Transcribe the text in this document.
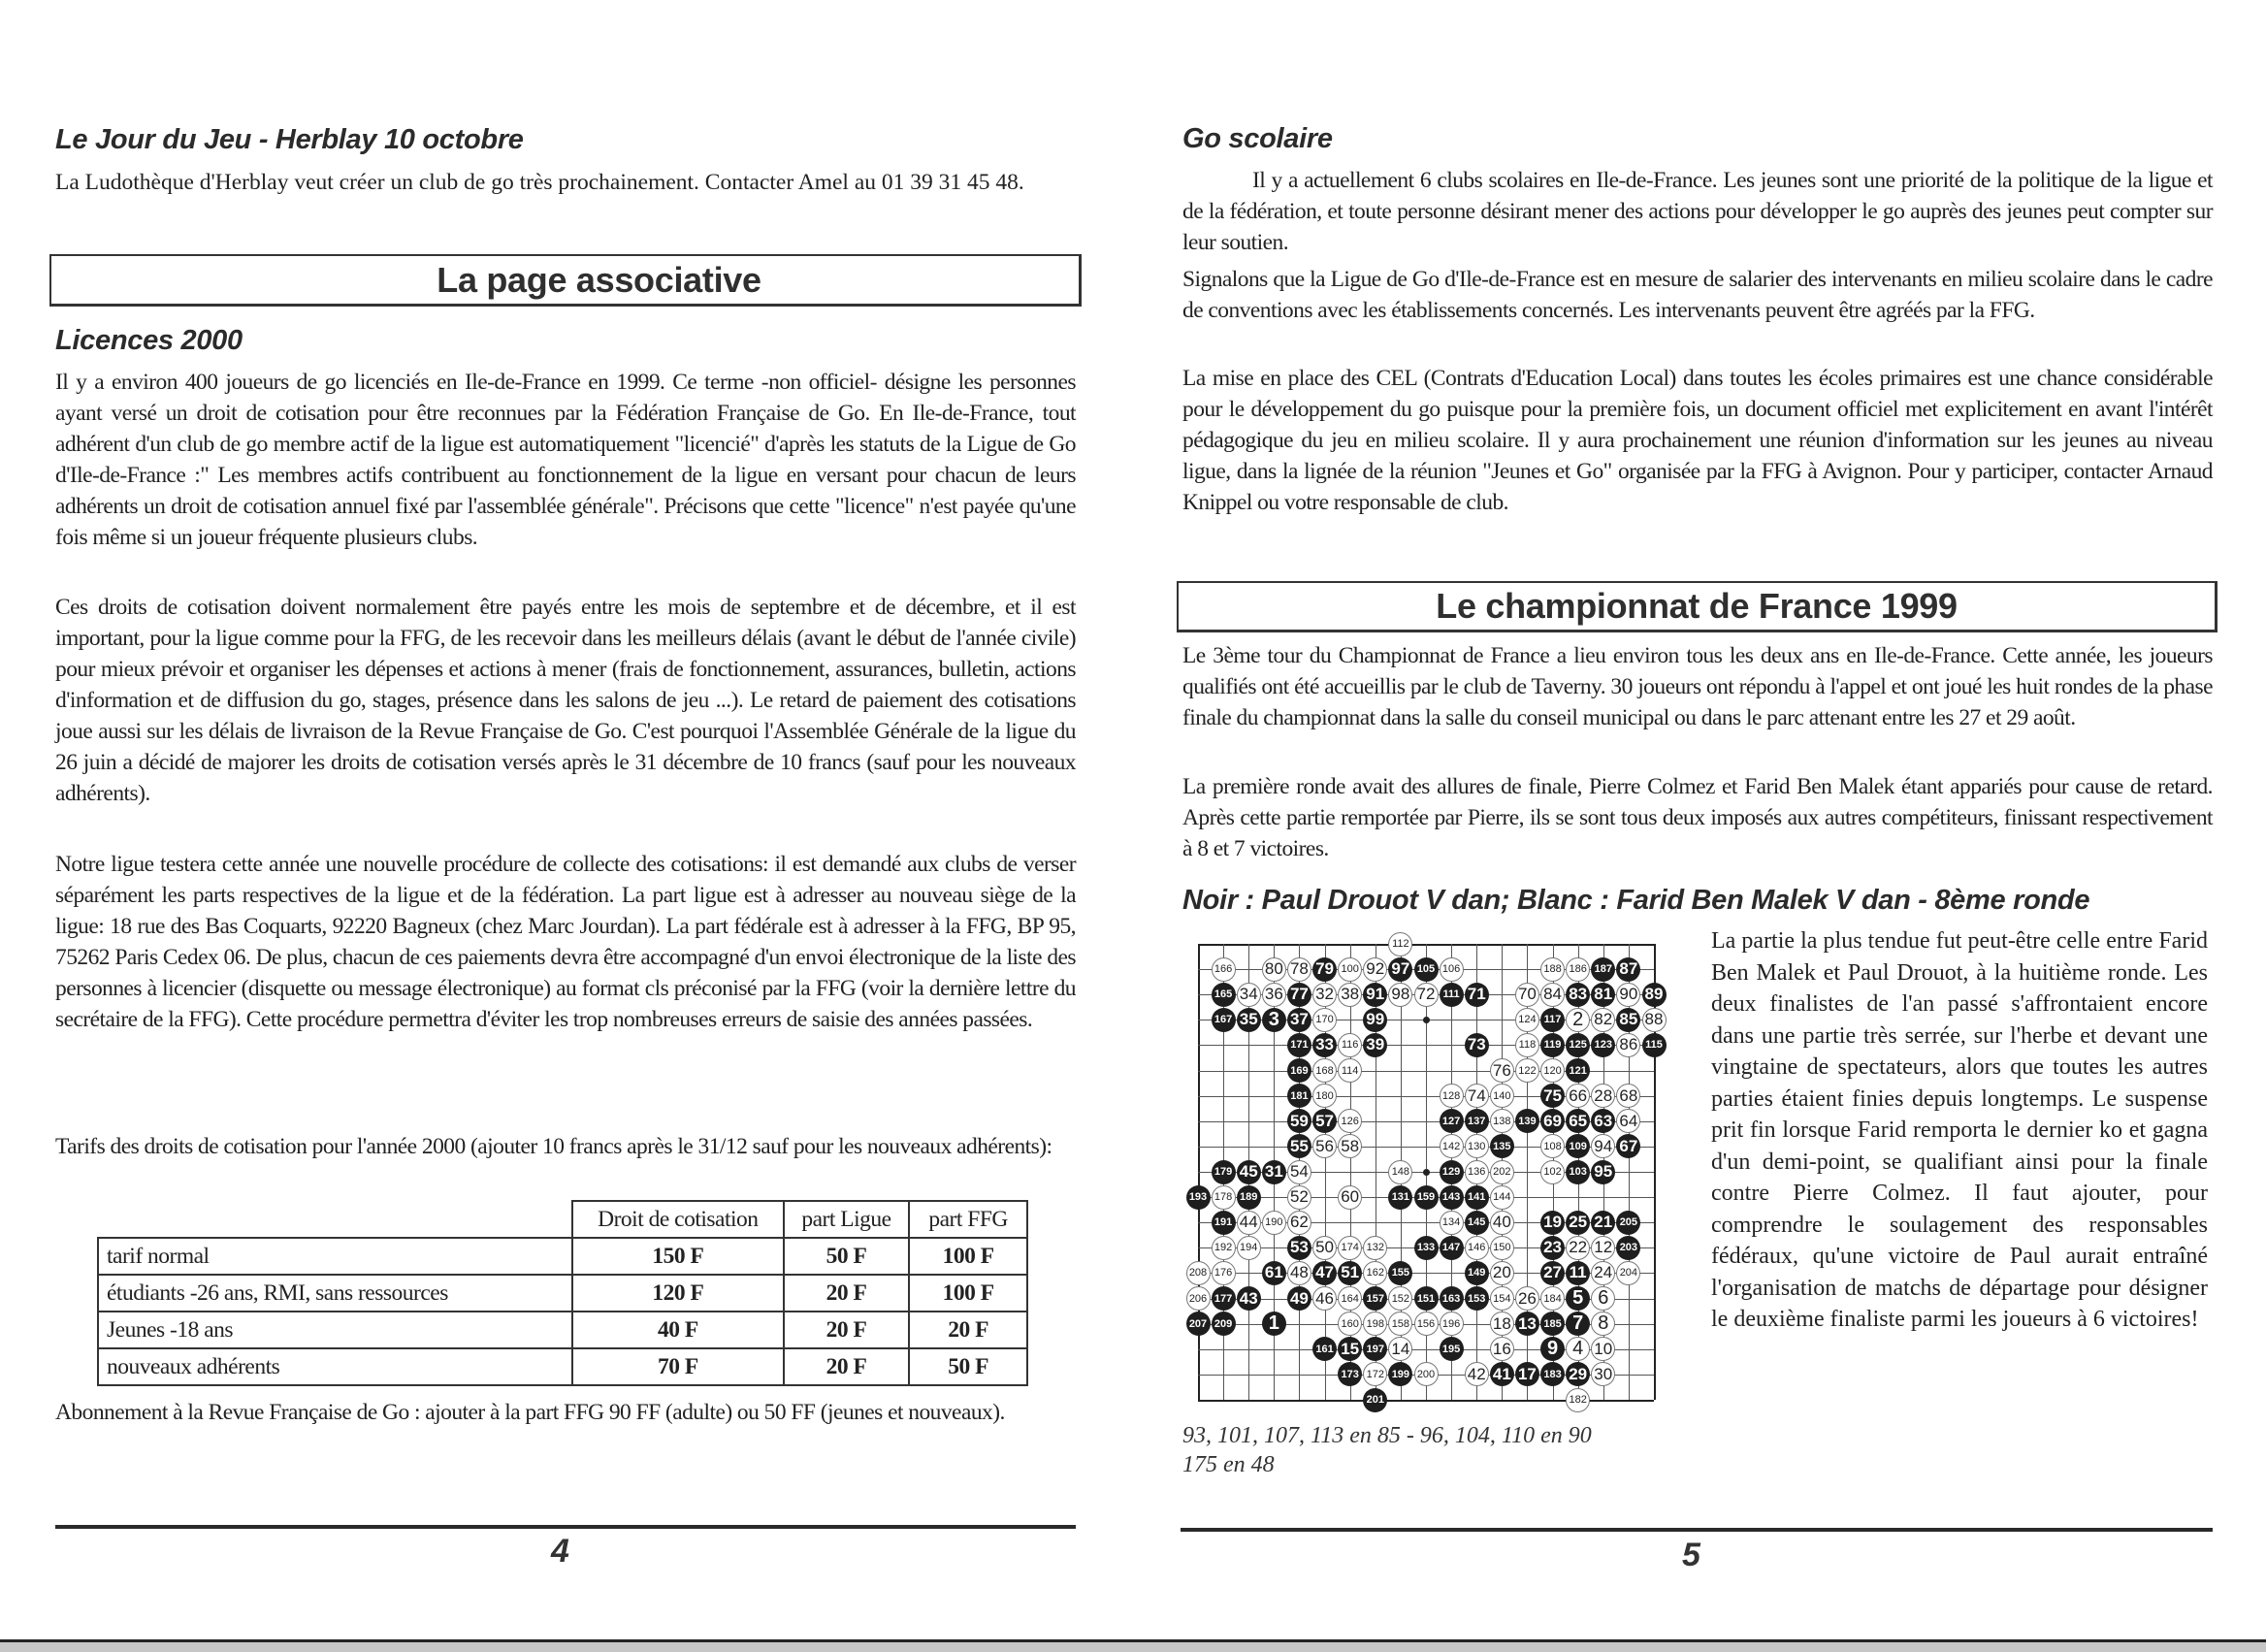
Le Jour du Jeu - Herblay 10 octobre

La Ludothèque d'Herblay veut créer un club de go très prochainement. Contacter Amel au 01 39 31 45 48.

La page associative
Licences 2000

Il y a environ 400 joueurs de go licenciés en Ile-de-France en 1999. Ce terme -non officiel- désigne les personnes ayant versé un droit de cotisation pour être reconnues par la Fédération Française de Go. En Ile-de-France, tout adhérent d'un club de go membre actif de la ligue est automatiquement "licencié" d'après les statuts de la Ligue de Go d'Ile-de-France :" Les membres actifs contribuent au fonctionnement de la ligue en versant pour chacun de leurs adhérents un droit de cotisation annuel fixé par l'assemblée générale". Précisons que cette "licence" n'est payée qu'une fois même si un joueur fréquente plusieurs clubs.

Ces droits de cotisation doivent normalement être payés entre les mois de septembre et de décembre, et il est important, pour la ligue comme pour la FFG, de les recevoir dans les meilleurs délais (avant le début de l'année civile) pour mieux prévoir et organiser les dépenses et actions à mener (frais de fonctionnement, assurances, bulletin, actions d'information et de diffusion du go, stages, présence dans les salons de jeu ...). Le retard de paiement des cotisations joue aussi sur les délais de livraison de la Revue Française de Go. C'est pourquoi l'Assemblée Générale de la ligue du 26 juin a décidé de majorer les droits de cotisation versés après le 31 décembre de 10 francs (sauf pour les nouveaux adhérents).

Notre ligue testera cette année une nouvelle procédure de collecte des cotisations: il est demandé aux clubs de verser séparément les parts respectives de la ligue et de la fédération. La part ligue est à adresser au nouveau siège de la ligue: 18 rue des Bas Coquarts, 92220 Bagneux (chez Marc Jourdan). La part fédérale est à adresser à la FFG, BP 95, 75262 Paris Cedex 06. De plus, chacun de ces paiements devra être accompagné d'un envoi électronique de la liste des personnes à licencier (disquette ou message électronique) au format cls préconisé par la FFG (voir la dernière lettre du secrétaire de la FFG). Cette procédure permettra d'éviter les trop nombreuses erreurs de saisie des années passées.

Tarifs des droits de cotisation pour l'année 2000 (ajouter 10 francs après le 31/12 sauf pour les nouveaux adhérents):

	Droit de cotisation	part Ligue	part FFG
tarif normal	150 F	50 F	100 F
étudiants -26 ans, RMI, sans ressources	120 F	20 F	100 F
Jeunes -18 ans	40 F	20 F	20 F
nouveaux adhérents	70 F	20 F	50 F

Abonnement à la Revue Française de Go : ajouter à la part FFG 90 FF (adulte) ou 50 FF (jeunes et nouveaux).

4
Go scolaire

Il y a actuellement 6 clubs scolaires en Ile-de-France. Les jeunes sont une priorité de la politique de la ligue et de la fédération, et toute personne désirant mener des actions pour développer le go auprès des jeunes peut compter sur leur soutien.

Signalons que la Ligue de Go d'Ile-de-France est en mesure de salarier des intervenants en milieu scolaire dans le cadre de conventions avec les établissements concernés. Les intervenants peuvent être agréés par la FFG.

La mise en place des CEL (Contrats d'Education Local) dans toutes les écoles primaires est une chance considérable pour le développement du go puisque pour la première fois, un document officiel met explicitement en avant l'intérêt pédagogique du jeu en milieu scolaire. Il y aura prochainement une réunion d'information sur les jeunes au niveau ligue, dans la lignée de la réunion "Jeunes et Go" organisée par la FFG à Avignon. Pour y participer, contacter Arnaud Knippel ou votre responsable de club.

Le championnat de France 1999

Le 3ème tour du Championnat de France a lieu environ tous les deux ans en Ile-de-France. Cette année, les joueurs qualifiés ont été accueillis par le club de Taverny. 30 joueurs ont répondu à l'appel et ont joué les huit rondes de la phase finale du championnat dans la salle du conseil municipal ou dans le parc attenant entre les 27 et 29 août.

La première ronde avait des allures de finale, Pierre Colmez et Farid Ben Malek étant appariés pour cause de retard. Après cette partie remportée par Pierre, ils se sont tous deux imposés aux autres compétiteurs, finissant respectivement à 8 et 7 victoires.

Noir : Paul Drouot V dan; Blanc : Farid Ben Malek V dan - 8ème ronde
112
166 80 78 79 100 92 97 105 106	188 186 187 87
165 34 36 77 32 38 91 98 72 111 71 70 84 83 81 90 89
167 35 3 37 170 99	124 117 2 82 85 88
171 33 116 39	73	118 119 125 123 86 115
169 168 114	76 122 120 121
181 180	128 74 140 75 66 28 68
59 57 126	127 137 138 139 69 65 63 64
55 56 58	142 130 135	108 109 94 67
179 45 31 54	148	129 136 202	102 103 95
193 178 189 52 60	131 159 143 141 144
191 44 190 62	134 145 40 19 25 21 205
192 194 53 50 174 132	133 147 146 150 23 22 12 203
208 176 61 48 47 51 162 155	149 20 27 11 24 204
206 177 43 49 46 164 157 152 151 163 153 154 26 184 5 6
207 209	1	160 198 158 156 196 18 13 185 7 8
161 15 197 14	195 16	9 4 10
173 172 199 200 42 41 17 183 29 30
201	182

La partie la plus tendue fut peut-être celle entre Farid Ben Malek et Paul Drouot, à la huitième ronde. Les deux finalistes de l'an passé s'affrontaient encore dans une partie très serrée, sur l'herbe et devant une vingtaine de spectateurs, alors que toutes les autres parties étaient finies depuis longtemps. Le suspense prit fin lorsque Farid remporta le dernier ko et gagna d'un demi-point, se qualifiant ainsi pour la finale contre Pierre Colmez. Il faut ajouter, pour comprendre le soulagement des responsables fédéraux, qu'une victoire de Paul aurait entraîné l'organisation de matchs de départage pour désigner le deuxième finaliste parmi les joueurs à 6 victoires!

93, 101, 107, 113 en 85 - 96, 104, 110 en 90
175 en 48
5
